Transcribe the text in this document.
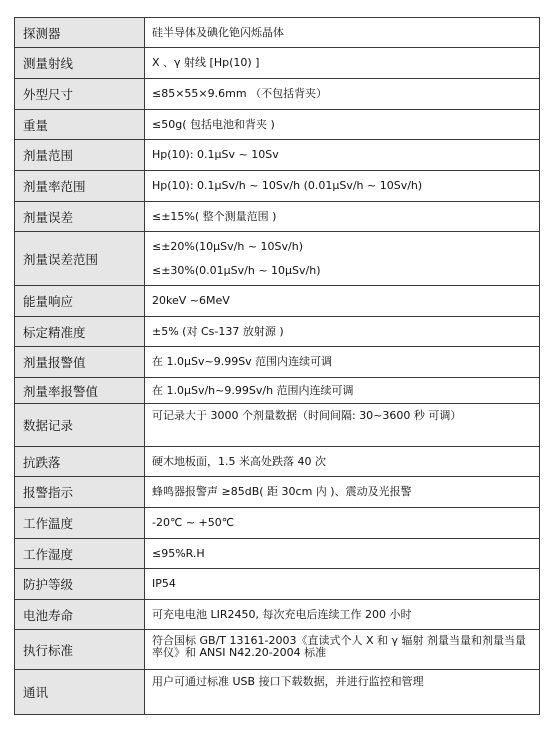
探测器	硅半导体及碘化铯闪烁晶体
测量射线	X 、γ 射线 [Hp(10) ]
外型尺寸	≤85×55×9.6mm （不包括背夹）
重量	≤50g( 包括电池和背夹 )
剂量范围	Hp(10): 0.1μSv ~ 10Sv
剂量率范围	Hp(10): 0.1μSv/h ~ 10Sv/h (0.01μSv/h ~ 10Sv/h)
剂量误差	≤±15%( 整个测量范围 )
剂量误差范围	≤±20%(10μSv/h ~ 10Sv/h)
≤±30%(0.01μSv/h ~ 10μSv/h)

能量响应	20keV ~6MeV
标定精准度	±5% (对 Cs-137 放射源 )
剂量报警值	在 1.0μSv~9.99Sv 范围内连续可调
剂量率报警值	在 1.0μSv/h~9.99Sv/h 范围内连续可调
数据记录	可记录大于 3000 个剂量数据（时间间隔: 30~3600 秒 可调）
抗跌落	硬木地板面，1.5 米高处跌落 40 次
报警指示	蜂鸣器报警声 ≥85dB( 距 30cm 内 )、震动及光报警
工作温度	-20℃ ~ +50℃
工作湿度	≤95%R.H
防护等级	IP54
电池寿命	可充电电池 LIR2450, 每次充电后连续工作 200 小时
执行标准	符合国标 GB/T 13161-2003《直读式个人 X 和 γ 辐射 剂量当量和剂量当量率仪》和 ANSI N42.20-2004 标准

通讯	用户可通过标准 USB 接口下载数据，并进行监控和管理
